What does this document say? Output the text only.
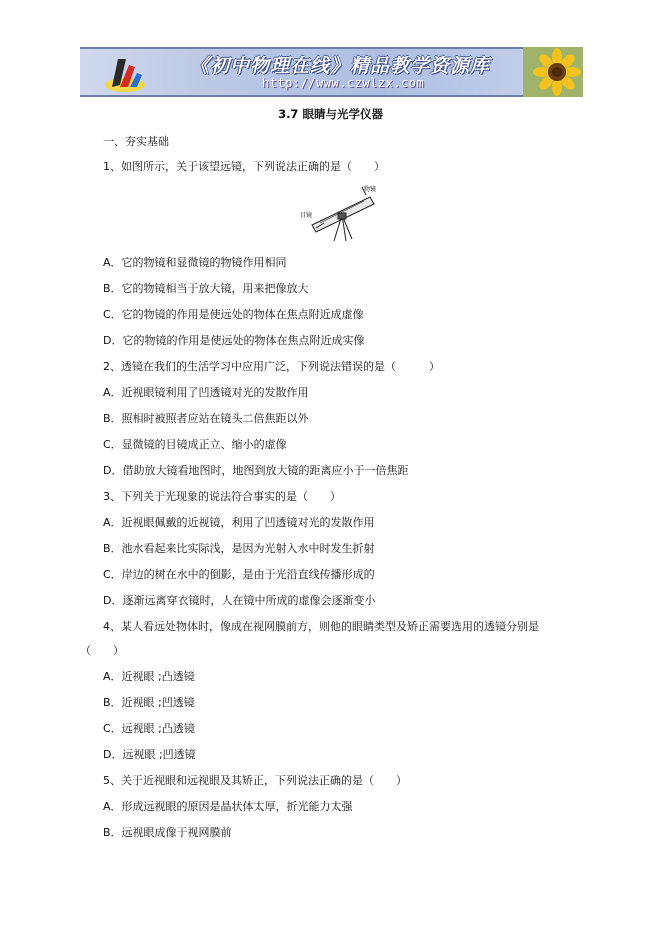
《初中物理在线》精品教学资源库
http://www.czwlzx.com

3.7 眼睛与光学仪器

一、夯实基础

1、如图所示，关于该望远镜，下列说法正确的是（　　）

物镜
目镜

A．它的物镜和显微镜的物镜作用相同

B．它的物镜相当于放大镜，用来把像放大

C．它的物镜的作用是使远处的物体在焦点附近成虚像

D．它的物镜的作用是使远处的物体在焦点附近成实像

2、透镜在我们的生活学习中应用广泛，下列说法错误的是（　　　）

A．近视眼镜利用了凹透镜对光的发散作用

B．照相时被照者应站在镜头二倍焦距以外

C．显微镜的目镜成正立、缩小的虚像

D．借助放大镜看地图时，地图到放大镜的距离应小于一倍焦距

3、下列关于光现象的说法符合事实的是（　　）

A．近视眼佩戴的近视镜，利用了凹透镜对光的发散作用

B．池水看起来比实际浅，是因为光射入水中时发生折射

C．岸边的树在水中的倒影，是由于光沿直线传播形成的

D．逐渐远离穿衣镜时，人在镜中所成的虚像会逐渐变小

4、某人看远处物体时，像成在视网膜前方，则他的眼睛类型及矫正需要选用的透镜分别是

（　　）

A．近视眼 ;凸透镜

B．近视眼 ;凹透镜

C．远视眼 ;凸透镜

D．远视眼 ;凹透镜

5、关于近视眼和远视眼及其矫正，下列说法正确的是（　　）

A．形成远视眼的原因是晶状体太厚，折光能力太强

B．远视眼成像于视网膜前
